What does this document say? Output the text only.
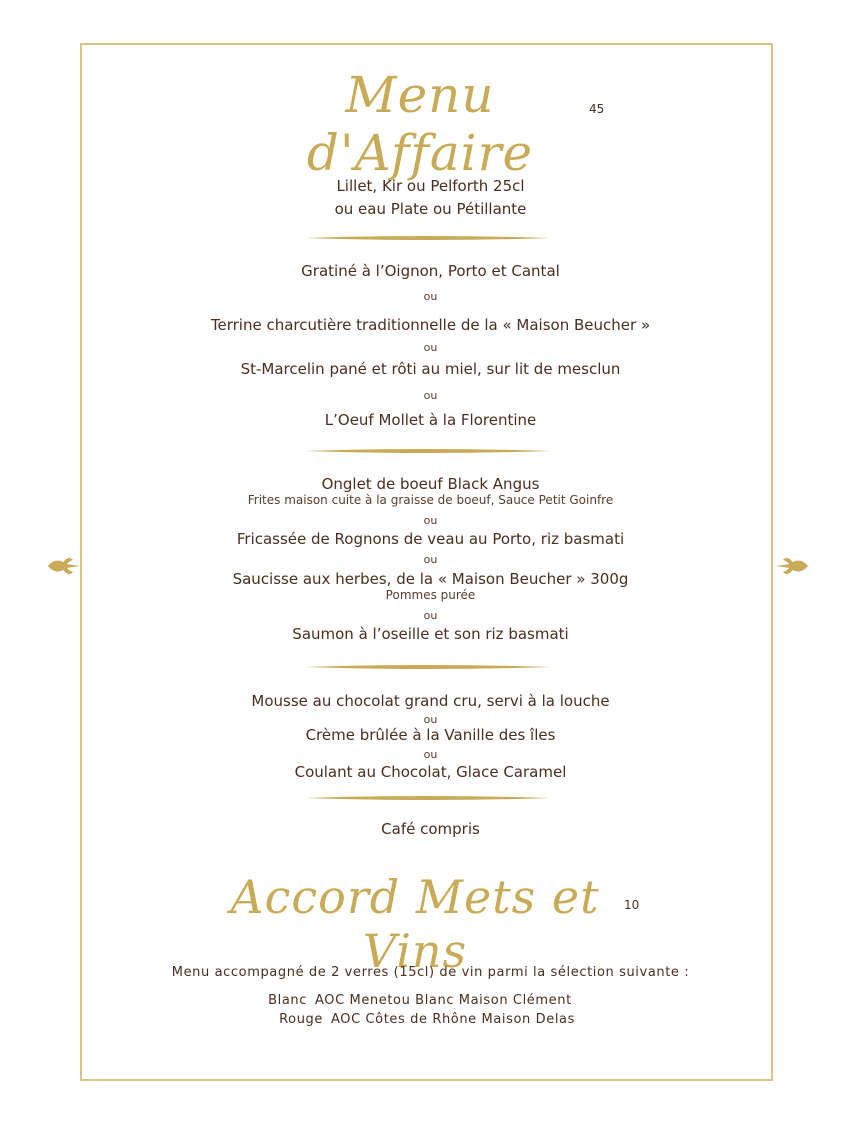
Menu d'Affaire
45
Lillet, Kir ou Pelforth 25cl
ou eau Plate ou Pétillante
Gratiné à l’Oignon, Porto et Cantal
ou
Terrine charcutière traditionnelle de la « Maison Beucher »
ou
St-Marcelin pané et rôti au miel, sur lit de mesclun
ou
L’Oeuf Mollet à la Florentine
Onglet de boeuf Black Angus
Frites maison cuite à la graisse de boeuf, Sauce Petit Goinfre
ou
Fricassée de Rognons de veau au Porto, riz basmati
ou
Saucisse aux herbes, de la « Maison Beucher » 300g
Pommes purée
ou
Saumon à l’oseille et son riz basmati
Mousse au chocolat grand cru, servi à la louche
ou
Crème brûlée à la Vanille des îles
ou
Coulant au Chocolat, Glace Caramel
Café compris
Accord Mets et Vins
10
Menu accompagné de 2 verres (15cl) de vin parmi la sélection suivante :
Blanc AOC Menetou Blanc Maison Clément
Rouge AOC Côtes de Rhône Maison Delas
